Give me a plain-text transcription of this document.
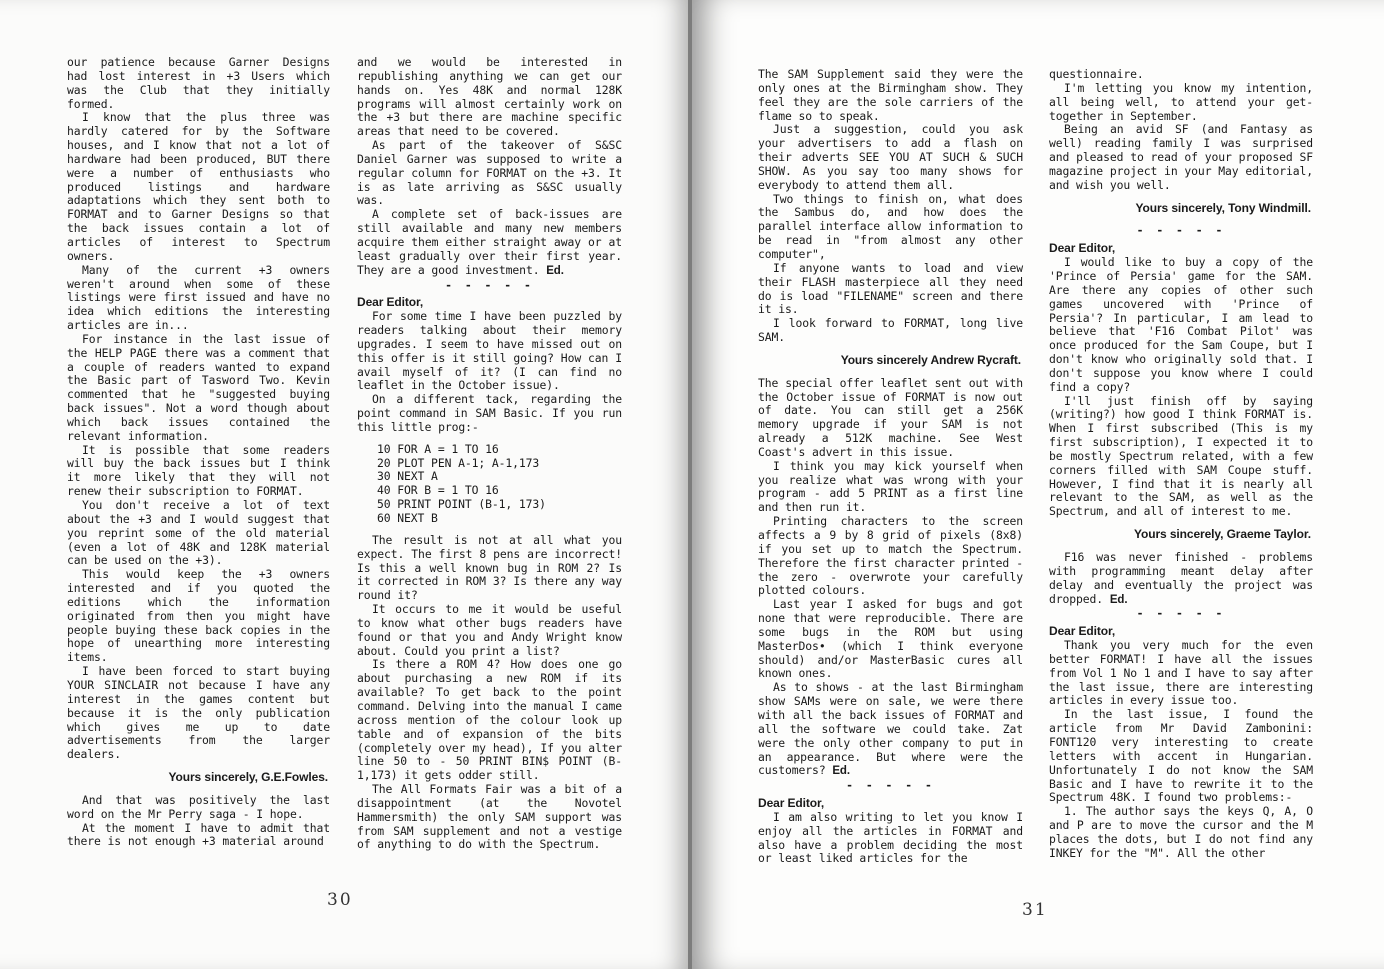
our patience because Garner Designs had lost interest in +3 Users which was the Club that they initially formed.

I know that the plus three was hardly catered for by the Software houses, and I know that not a lot of hardware had been produced, BUT there were a number of enthusiasts who produced listings and hardware adaptations which they sent both to FORMAT and to Garner Designs so that the back issues contain a lot of articles of interest to Spectrum owners.

Many of the current +3 owners weren't around when some of these listings were first issued and have no idea which editions the interesting articles are in...

For instance in the last issue of the HELP PAGE there was a comment that a couple of readers wanted to expand the Basic part of Tasword Two. Kevin commented that he "suggested buying back issues". Not a word though about which back issues contained the relevant information.

It is possible that some readers will buy the back issues but I think it more likely that they will not renew their subscription to FORMAT.

You don't receive a lot of text about the +3 and I would suggest that you reprint some of the old material (even a lot of 48K and 128K material can be used on the +3).

This would keep the +3 owners interested and if you quoted the editions which the information originated from then you might have people buying these back copies in the hope of unearthing more interesting items.

I have been forced to start buying YOUR SINCLAIR not because I have any interest in the games content but because it is the only publication which gives me up to date advertisements from the larger dealers.

Yours sincerely, G.E.Fowles.

And that was positively the last word on the Mr Perry saga - I hope.

At the moment I have to admit that there is not enough +3 material around

and we would be interested in republishing anything we can get our hands on. Yes 48K and normal 128K programs will almost certainly work on the +3 but there are machine specific areas that need to be covered.

As part of the takeover of S&SC Daniel Garner was supposed to write a regular column for FORMAT on the +3. It is as late arriving as S&SC usually was.

A complete set of back-issues are still available and many new members acquire them either straight away or at least gradually over their first year. They are a good investment. Ed.

- - - - -

Dear Editor,

For some time I have been puzzled by readers talking about their memory upgrades. I seem to have missed out on this offer is it still going? How can I avail myself of it? (I can find no leaflet in the October issue).

On a different tack, regarding the point command in SAM Basic. If you run this little prog:-

10 FOR A = 1 TO 16
20 PLOT PEN A-1; A-1,173
30 NEXT A
40 FOR B = 1 TO 16
50 PRINT POINT (B-1, 173)
60 NEXT B

The result is not at all what you expect. The first 8 pens are incorrect! Is this a well known bug in ROM 2? Is it corrected in ROM 3? Is there any way round it?

It occurs to me it would be useful to know what other bugs readers have found or that you and Andy Wright know about. Could you print a list?

Is there a ROM 4? How does one go about purchasing a new ROM if its available? To get back to the point command. Delving into the manual I came across mention of the colour look up table and of expansion of the bits (completely over my head), If you alter line 50 to - 50 PRINT BIN$ POINT (B-1,173) it gets odder still.

The All Formats Fair was a bit of a disappointment (at the Novotel Hammersmith) the only SAM support was from SAM supplement and not a vestige of anything to do with the Spectrum.

30

The SAM Supplement said they were the only ones at the Birmingham show. They feel they are the sole carriers of the flame so to speak.

Just a suggestion, could you ask your advertisers to add a flash on their adverts SEE YOU AT SUCH & SUCH SHOW. As you say too many shows for everybody to attend them all.

Two things to finish on, what does the Sambus do, and how does the parallel interface allow information to be read in "from almost any other computer",

If anyone wants to load and view their FLASH masterpiece all they need do is load "FILENAME" screen and there it is.

I look forward to FORMAT, long live SAM.

Yours sincerely Andrew Rycraft.

The special offer leaflet sent out with the October issue of FORMAT is now out of date. You can still get a 256K memory upgrade if your SAM is not already a 512K machine. See West Coast's advert in this issue.

I think you may kick yourself when you realize what was wrong with your program - add 5 PRINT as a first line and then run it.

Printing characters to the screen affects a 9 by 8 grid of pixels (8x8) if you set up to match the Spectrum. Therefore the first character printed - the zero - overwrote your carefully plotted colours.

Last year I asked for bugs and got none that were reproducible. There are some bugs in the ROM but using MasterDos• (which I think everyone should) and/or MasterBasic cures all known ones.

As to shows - at the last Birmingham show SAMs were on sale, we were there with all the back issues of FORMAT and all the software we could take. Zat were the only other company to put in an appearance. But where were the customers? Ed.

- - - - -

Dear Editor,

I am also writing to let you know I enjoy all the articles in FORMAT and also have a problem deciding the most or least liked articles for the

questionnaire.

I'm letting you know my intention, all being well, to attend your get-together in September.

Being an avid SF (and Fantasy as well) reading family I was surprised and pleased to read of your proposed SF magazine project in your May editorial, and wish you well.

Yours sincerely, Tony Windmill.

- - - - -

Dear Editor,

I would like to buy a copy of the 'Prince of Persia' game for the SAM. Are there any copies of other such games uncovered with 'Prince of Persia'? In particular, I am lead to believe that 'F16 Combat Pilot' was once produced for the Sam Coupe, but I don't know who originally sold that. I don't suppose you know where I could find a copy?

I'll just finish off by saying (writing?) how good I think FORMAT is. When I first subscribed (This is my first subscription), I expected it to be mostly Spectrum related, with a few corners filled with SAM Coupe stuff. However, I find that it is nearly all relevant to the SAM, as well as the Spectrum, and all of interest to me.

Yours sincerely, Graeme Taylor.

F16 was never finished - problems with programming meant delay after delay and eventually the project was dropped. Ed.

- - - - -

Dear Editor,

Thank you very much for the even better FORMAT! I have all the issues from Vol 1 No 1 and I have to say after the last issue, there are interesting articles in every issue too.

In the last issue, I found the article from Mr David Zambonini: FONT120 very interesting to create letters with accent in Hungarian. Unfortunately I do not know the SAM Basic and I have to rewrite it to the Spectrum 48K. I found two problems:-

1. The author says the keys Q, A, O and P are to move the cursor and the M places the dots, but I do not find any INKEY for the "M". All the other

31
